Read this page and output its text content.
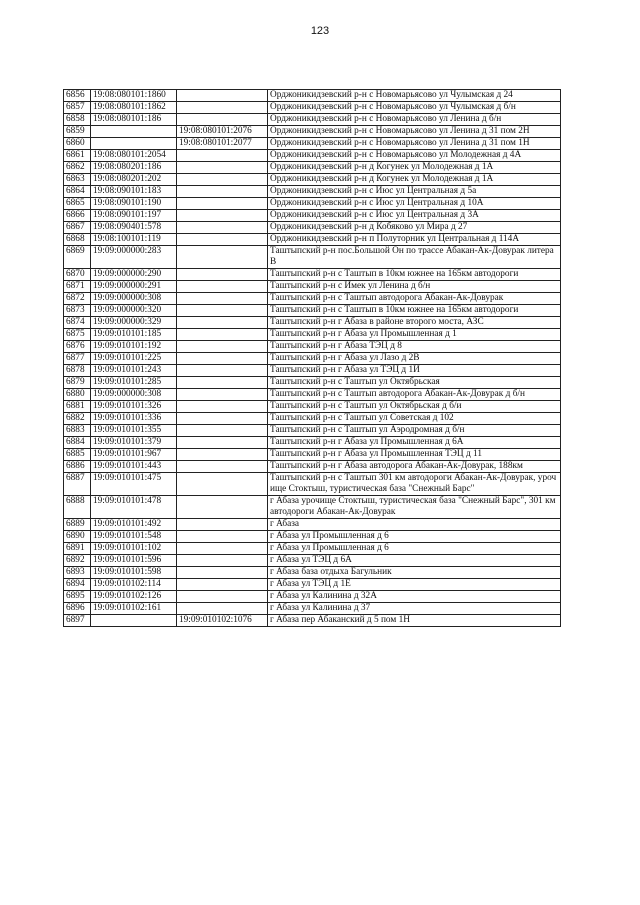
123
6856	19:08:080101:1860		Орджоникидзевский р-н с Новомарьясово ул Чулымская д 24
6857	19:08:080101:1862		Орджоникидзевский р-н с Новомарьясово ул Чулымская д б/н
6858	19:08:080101:186		Орджоникидзевский р-н с Новомарьясово ул Ленина д б/н
6859		19:08:080101:2076	Орджоникидзевский р-н с Новомарьясово ул Ленина д 31 пом 2Н
6860		19:08:080101:2077	Орджоникидзевский р-н с Новомарьясово ул Ленина д 31 пом 1Н
6861	19:08:080101:2054		Орджоникидзевский р-н с Новомарьясово ул Молодежная д 4А
6862	19:08:080201:186		Орджоникидзевский р-н д Когунек ул Молодежная д 1А
6863	19:08:080201:202		Орджоникидзевский р-н д Когунек ул Молодежная д 1А
6864	19:08:090101:183		Орджоникидзевский р-н с Июс ул Центральная д 5а
6865	19:08:090101:190		Орджоникидзевский р-н с Июс ул Центральная д 10А
6866	19:08:090101:197		Орджоникидзевский р-н с Июс ул Центральная д 3А
6867	19:08:090401:578		Орджоникидзевский р-н д Кобяково ул Мира д 27
6868	19:08:100101:119		Орджоникидзевский р-н п Полуторник ул Центральная д 114А
6869	19:09:000000:283		Таштыпский р-н пос.Большой Он по трассе Абакан-Ак-Довурак литера В
6870	19:09:000000:290		Таштыпский р-н с Таштып в 10км южнее на 165км автодороги
6871	19:09:000000:291		Таштыпский р-н с Имек ул Ленина д б/н
6872	19:09:000000:308		Таштыпский р-н с Таштып автодорога Абакан-Ак-Довурак
6873	19:09:000000:320		Таштыпский р-н с Таштып в 10км южнее на 165км автодороги
6874	19:09:000000:329		Таштыпский р-н г Абаза в районе второго моста, АЗС
6875	19:09:010101:185		Таштыпский р-н г Абаза ул Промышленная д 1
6876	19:09:010101:192		Таштыпский р-н г Абаза ТЭЦ д 8
6877	19:09:010101:225		Таштыпский р-н г Абаза ул Лазо д 2В
6878	19:09:010101:243		Таштыпский р-н г Абаза ул ТЭЦ д 1И
6879	19:09:010101:285		Таштыпский р-н с Таштып ул Октябрьская
6880	19:09:000000:308		Таштыпский р-н с Таштып автодорога Абакан-Ак-Довурак д б/н
6881	19:09:010101:326		Таштыпский р-н с Таштып ул Октябрьская д б/и
6882	19:09:010101:336		Таштыпский р-н с Таштып ул Советская д 102
6883	19:09:010101:355		Таштыпский р-н с Таштып ул Аэродромная д б/н
6884	19:09:010101:379		Таштыпский р-н г Абаза ул Промышленная д 6А
6885	19:09:010101:967		Таштыпский р-н г Абаза ул Промышленная ТЭЦ д 11
6886	19:09:010101:443		Таштыпский р-н г Абаза автодорога Абакан-Ак-Довурак, 188км
6887	19:09:010101:475		Таштыпский р-н с Таштып 301 км автодороги Абакан-Ак-Довурак, урочище Стоктыш, туристическая база "Снежный Барс"
6888	19:09:010101:478		г Абаза урочище Стоктыш, туристическая база "Снежный Барс", 301 км автодороги Абакан-Ак-Довурак
6889	19:09:010101:492		г Абаза
6890	19:09:010101:548		г Абаза ул Промышленная д 6
6891	19:09:010101:102		г Абаза ул Промышленная д 6
6892	19:09:010101:596		г Абаза ул ТЭЦ д 6А
6893	19:09:010101:598		г Абаза база отдыха Багульник
6894	19:09:010102:114		г Абаза ул ТЭЦ д 1Е
6895	19:09:010102:126		г Абаза ул Калинина д 32А
6896	19:09:010102:161		г Абаза ул Калинина д 37
6897		19:09:010102:1076	г Абаза пер Абаканский д 5 пом 1Н
